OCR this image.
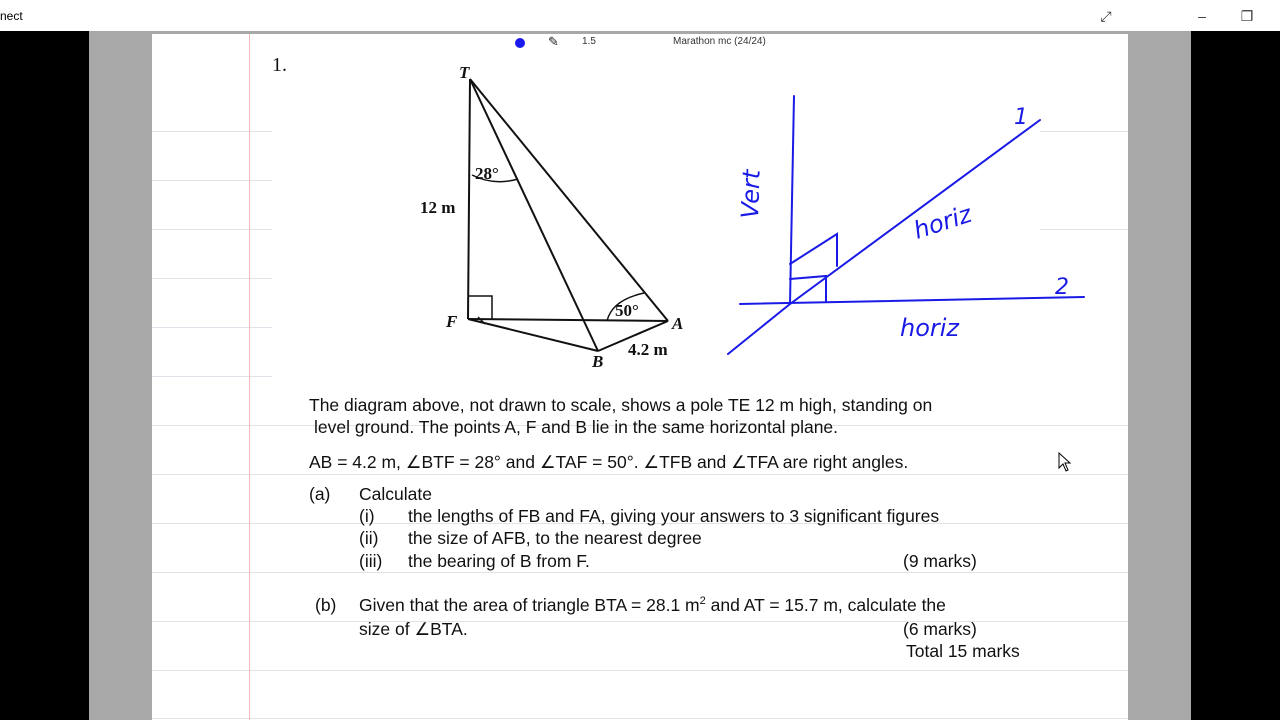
nect	⤢	–	❐
✎ 1.5	Marathon mc (24/24)
1.	T
F	A
B
12 m
28°
50°
4.2 m
Vert
horiz
horiz
1
2
The diagram above, not drawn to scale, shows a pole TE 12 m high, standing on
level ground. The points A, F and B lie in the same horizontal plane.
AB = 4.2 m, ∠BTF = 28° and ∠TAF = 50°. ∠TFB and ∠TFA are right angles.
(a) Calculate
(i) the lengths of FB and FA, giving your answers to 3 significant figures
(ii) the size of AFB, to the nearest degree
(iii) the bearing of B from F.	(9 marks)
(b) Given that the area of triangle BTA = 28.1 $m^2$ and AT = 15.7 m, calculate the
size of ∠BTA.	(6 marks)
Total 15 marks
